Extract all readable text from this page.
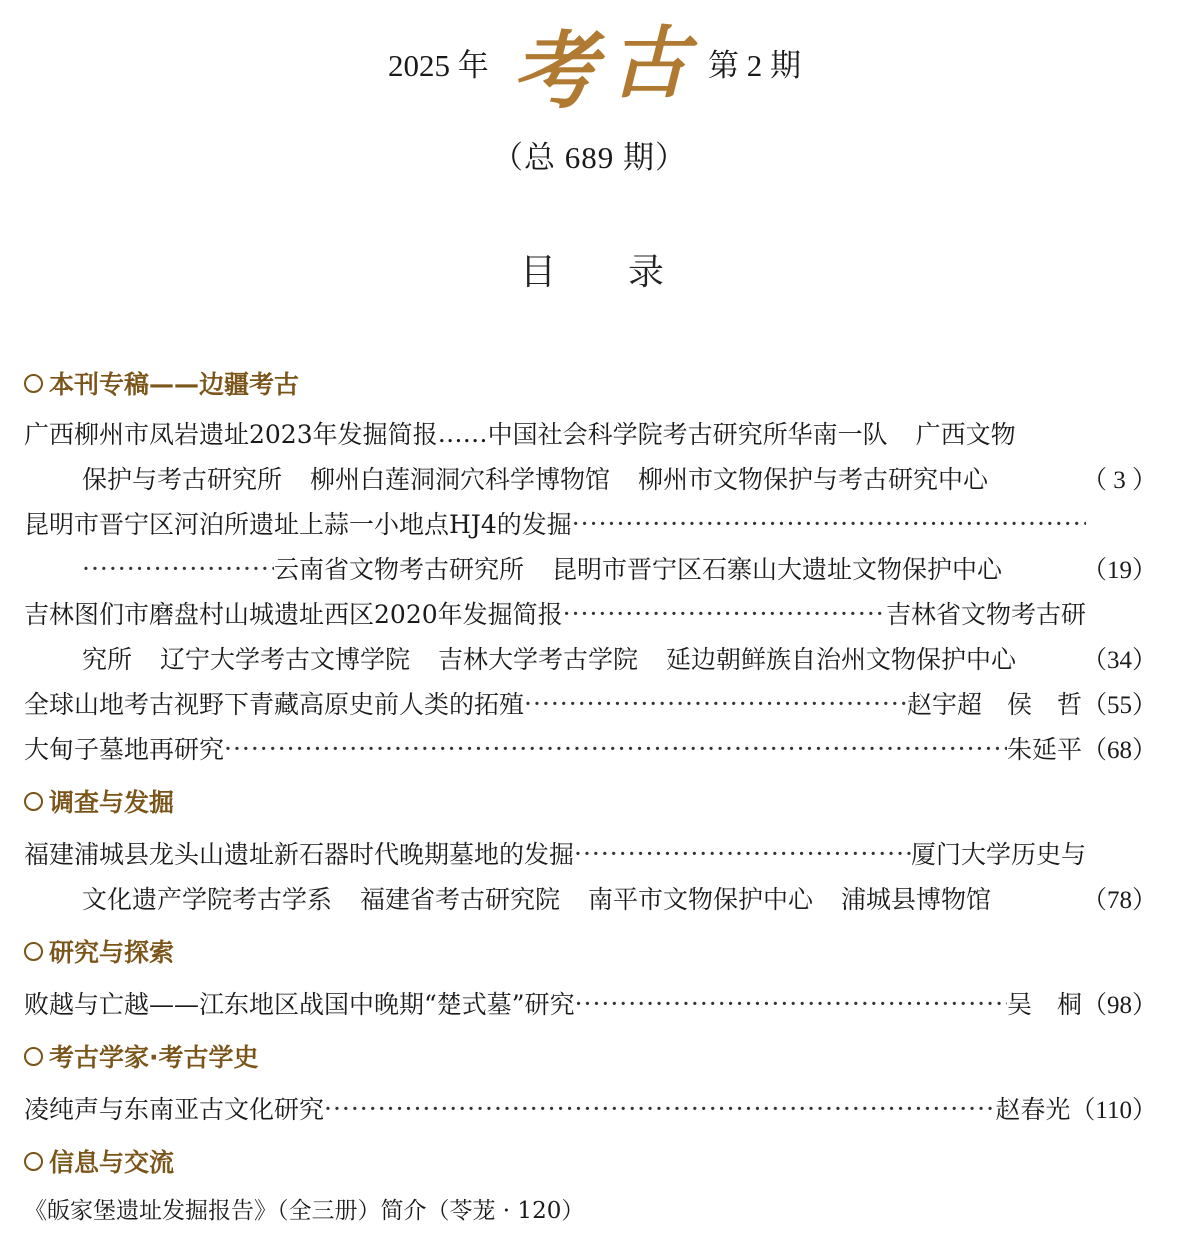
2025 年 考 古 第 2 期
（总 689 期）
目录
本刊专稿——边疆考古
广西柳州市凤岩遗址2023年发掘简报 …… 中国社会科学院考古研究所华南一队 广西文物
保护与考古研究所 柳州白莲洞洞穴科学博物馆 柳州市文物保护与考古研究中心	（ 3 ）
昆明市晋宁区河泊所遗址上蒜一小地点HJ4的发掘
·····
·····
云南省文物考古研究所 昆明市晋宁区石寨山大遗址文物保护中心	（19）
吉林图们市磨盘村山城遗址西区2020年发掘简报 ·····	吉林省文物考古研
究所 辽宁大学考古文博学院 吉林大学考古学院 延边朝鲜族自治州文物保护中心	（34）
全球山地考古视野下青藏高原史前人类的拓殖 ·····	赵宇超　侯　哲 （55）
大甸子墓地再研究 ·····	朱延平 （68）
调查与发掘
福建浦城县龙头山遗址新石器时代晚期墓地的发掘 ·····	厦门大学历史与
文化遗产学院考古学系 福建省考古研究院 南平市文物保护中心 浦城县博物馆	（78）
研究与探索
败越与亡越——江东地区战国中晚期“楚式墓”研究 ·····	吴　桐 （98）
考古学家·考古学史
凌纯声与东南亚古文化研究 ·····	赵春光 （110）
信息与交流
《皈家堡遗址发掘报告》（全三册）简介（苓茏 · 120）
